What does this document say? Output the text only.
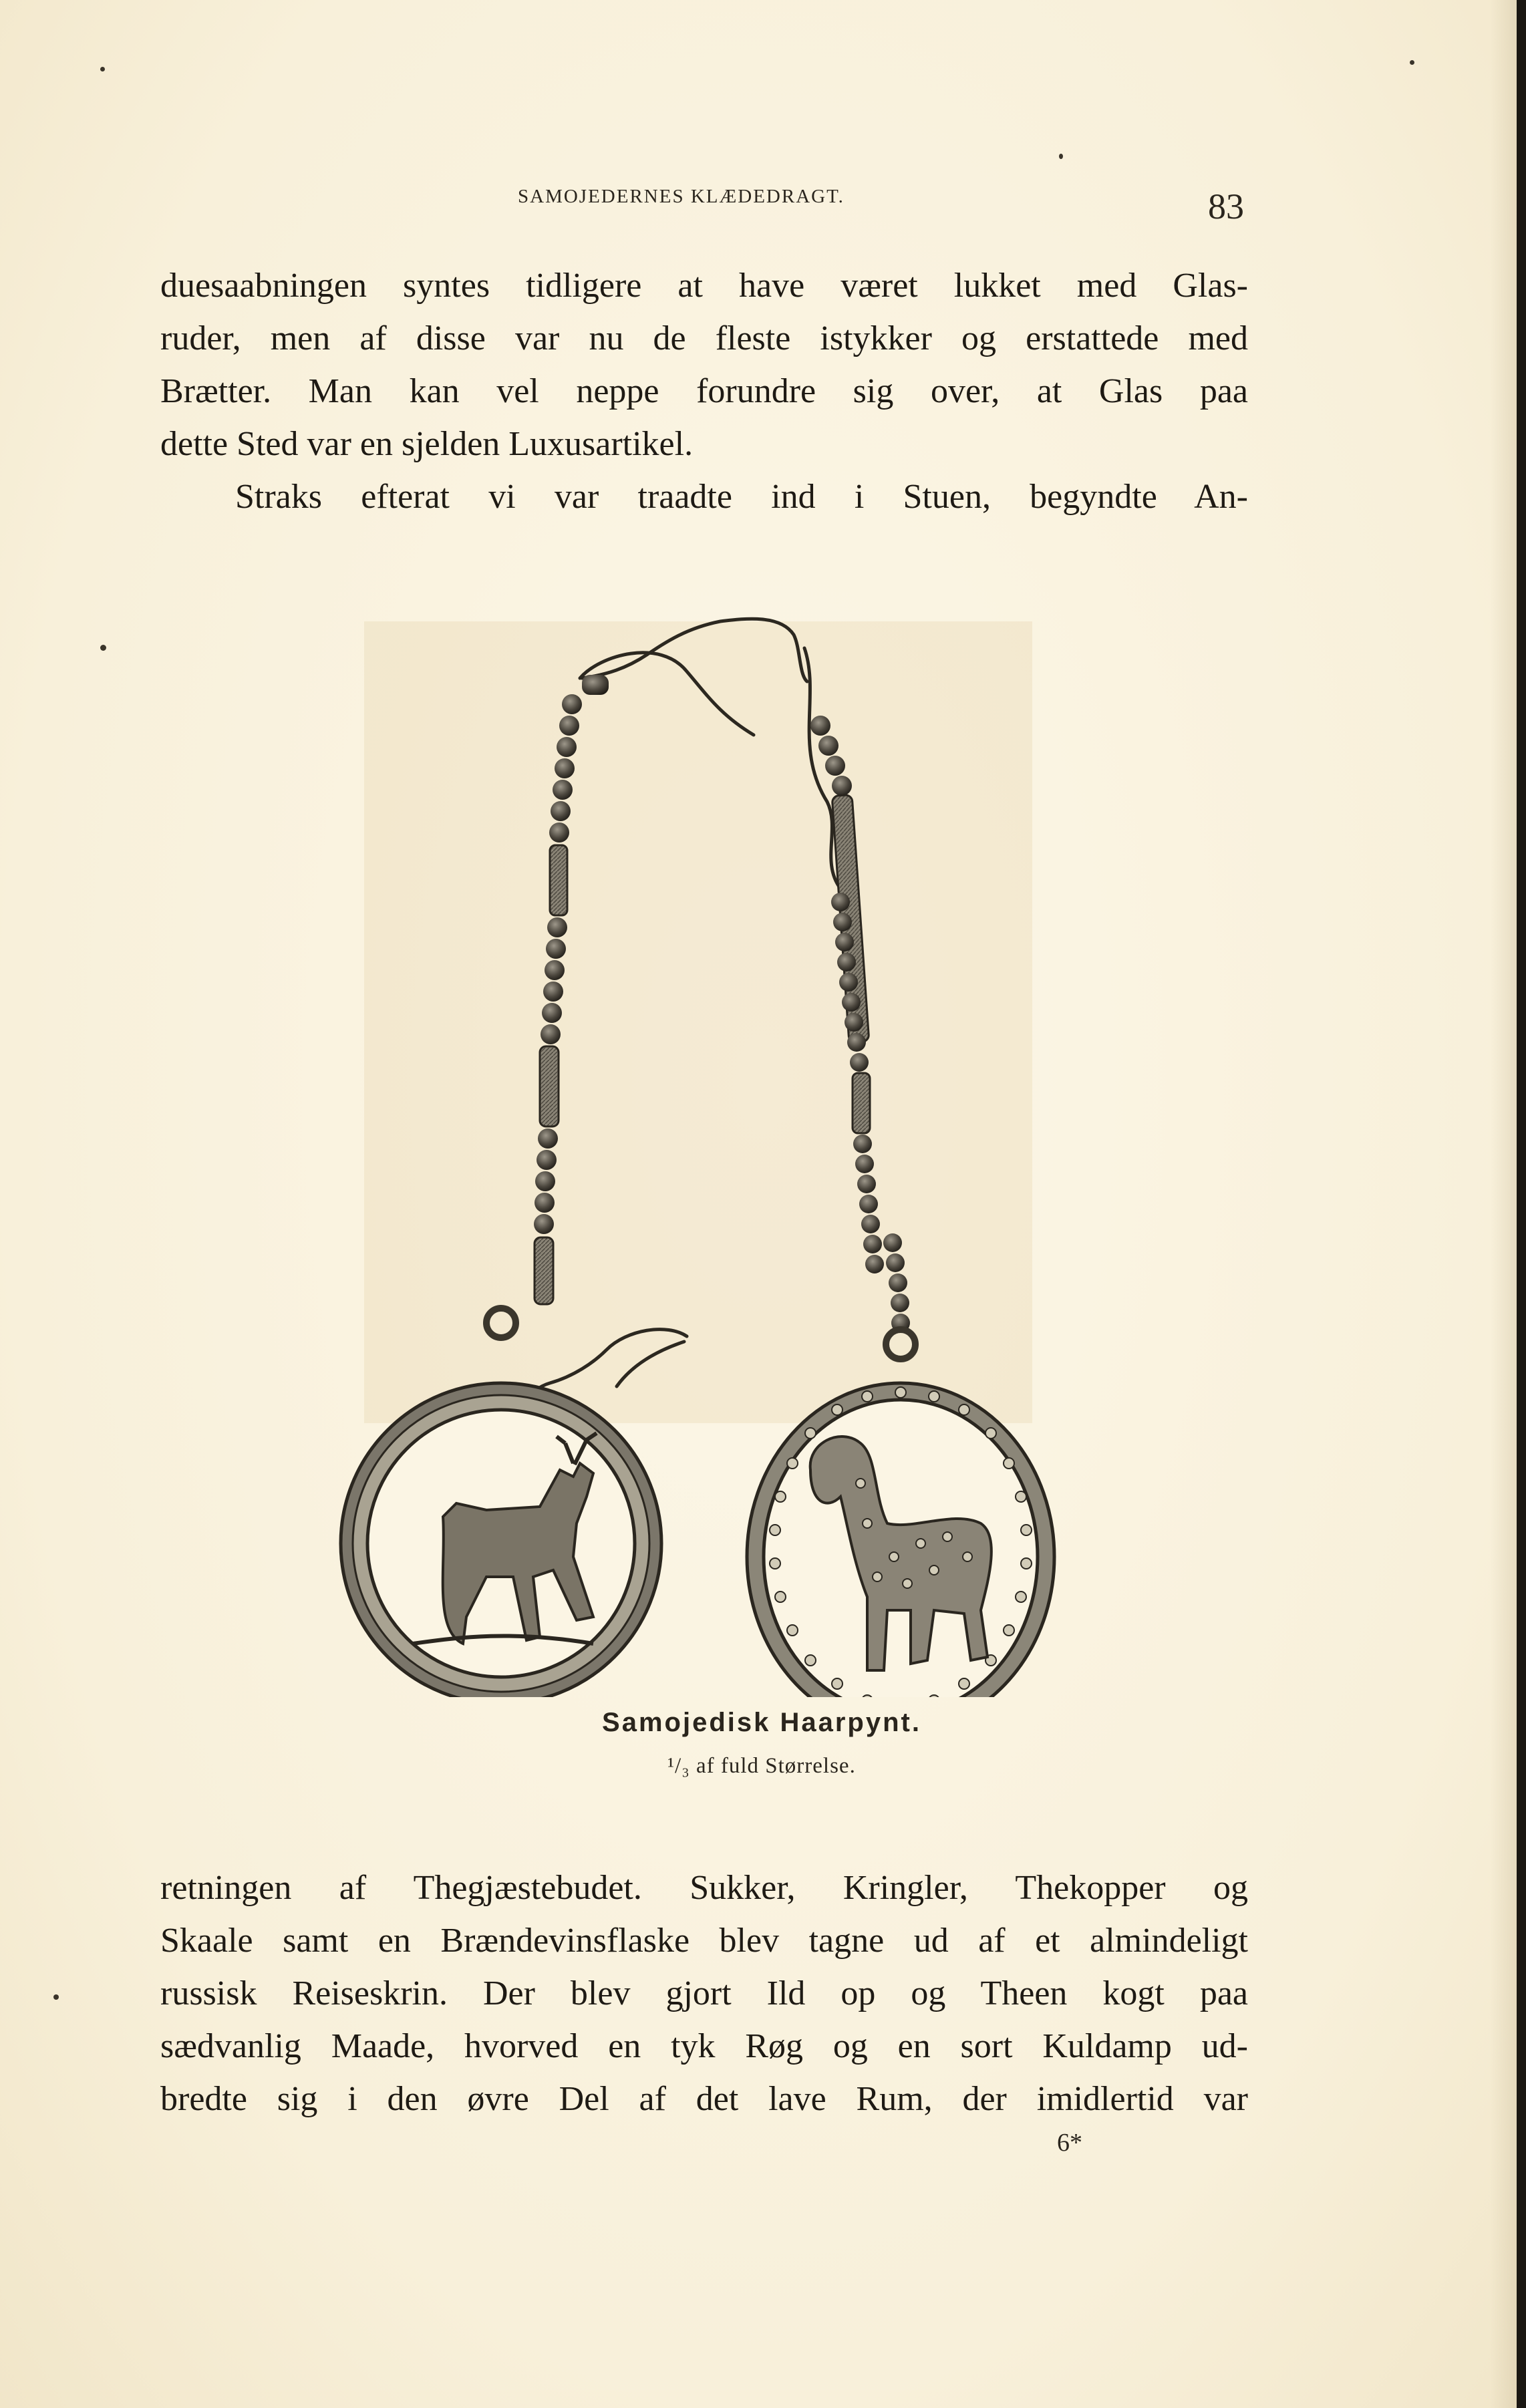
SAMOJEDERNES KLÆDEDRAGT.	83
duesaabningen syntes tidligere at have været lukket med Glas-
ruder, men af disse var nu de fleste istykker og erstattede med
Brætter. Man kan vel neppe forundre sig over, at Glas paa
dette Sted var en sjelden Luxusartikel.
Straks efterat vi var traadte ind i Stuen, begyndte An-
Samojedisk Haarpynt.
¹/₃ af fuld Størrelse.
retningen af Thegjæstebudet. Sukker, Kringler, Thekopper og
Skaale samt en Brændevinsflaske blev tagne ud af et almindeligt
russisk Reiseskrin. Der blev gjort Ild op og Theen kogt paa
sædvanlig Maade, hvorved en tyk Røg og en sort Kuldamp ud-
bredte sig i den øvre Del af det lave Rum, der imidlertid var
6*
